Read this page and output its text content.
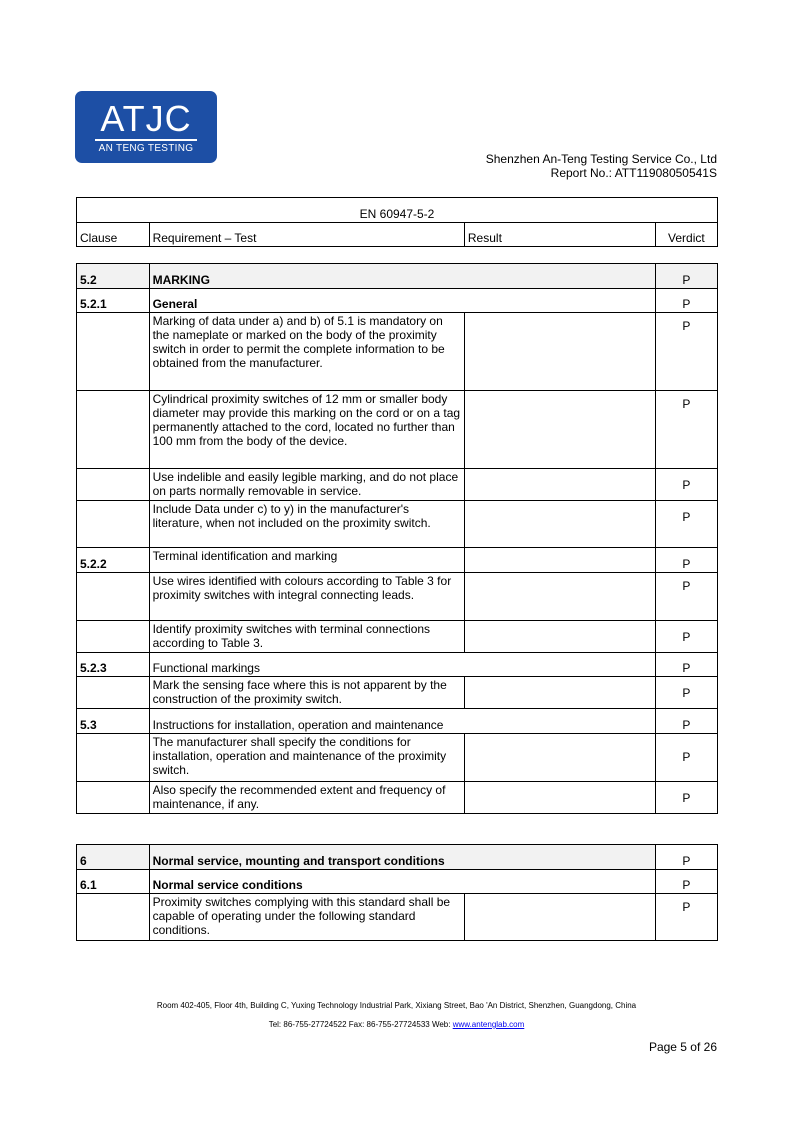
ATJC
AN TENG TESTING
Shenzhen An-Teng Testing Service Co., Ltd
Report No.: ATT11908050541S
EN 60947-5-2
Clause	Requirement – Test	Result	Verdict
5.2	MARKING		P
5.2.1	General		P
	Marking of data under a) and b) of 5.1 is mandatory on the nameplate or marked on the body of the proximity switch in order to permit the complete information to be obtained from the manufacturer.		P
	Cylindrical proximity switches of 12 mm or smaller body diameter may provide this marking on the cord or on a tag permanently attached to the cord, located no further than 100 mm from the body of the device.		P
	Use indelible and easily legible marking, and do not place on parts normally removable in service.		P
	Include Data under c) to y) in the manufacturer's literature, when not included on the proximity switch.		P
5.2.2	Terminal identification and marking		P
	Use wires identified with colours according to Table 3 for proximity switches with integral connecting leads.		P
	Identify proximity switches with terminal connections according to Table 3.		P
5.2.3	Functional markings		P
	Mark the sensing face where this is not apparent by the construction of the proximity switch.		P
5.3	Instructions for installation, operation and maintenance		P
	The manufacturer shall specify the conditions for installation, operation and maintenance of the proximity switch.		P
	Also specify the recommended extent and frequency of maintenance, if any.		P
6	Normal service, mounting and transport conditions		P
6.1	Normal service conditions		P
	Proximity switches complying with this standard shall be capable of operating under the following standard conditions.		P
Room 402-405, Floor 4th, Building C, Yuxing Technology Industrial Park, Xixiang Street, Bao 'An District, Shenzhen, Guangdong, China
Tel: 86-755-27724522 Fax: 86-755-27724533 Web: www.antenglab.com
Page 5 of 26
